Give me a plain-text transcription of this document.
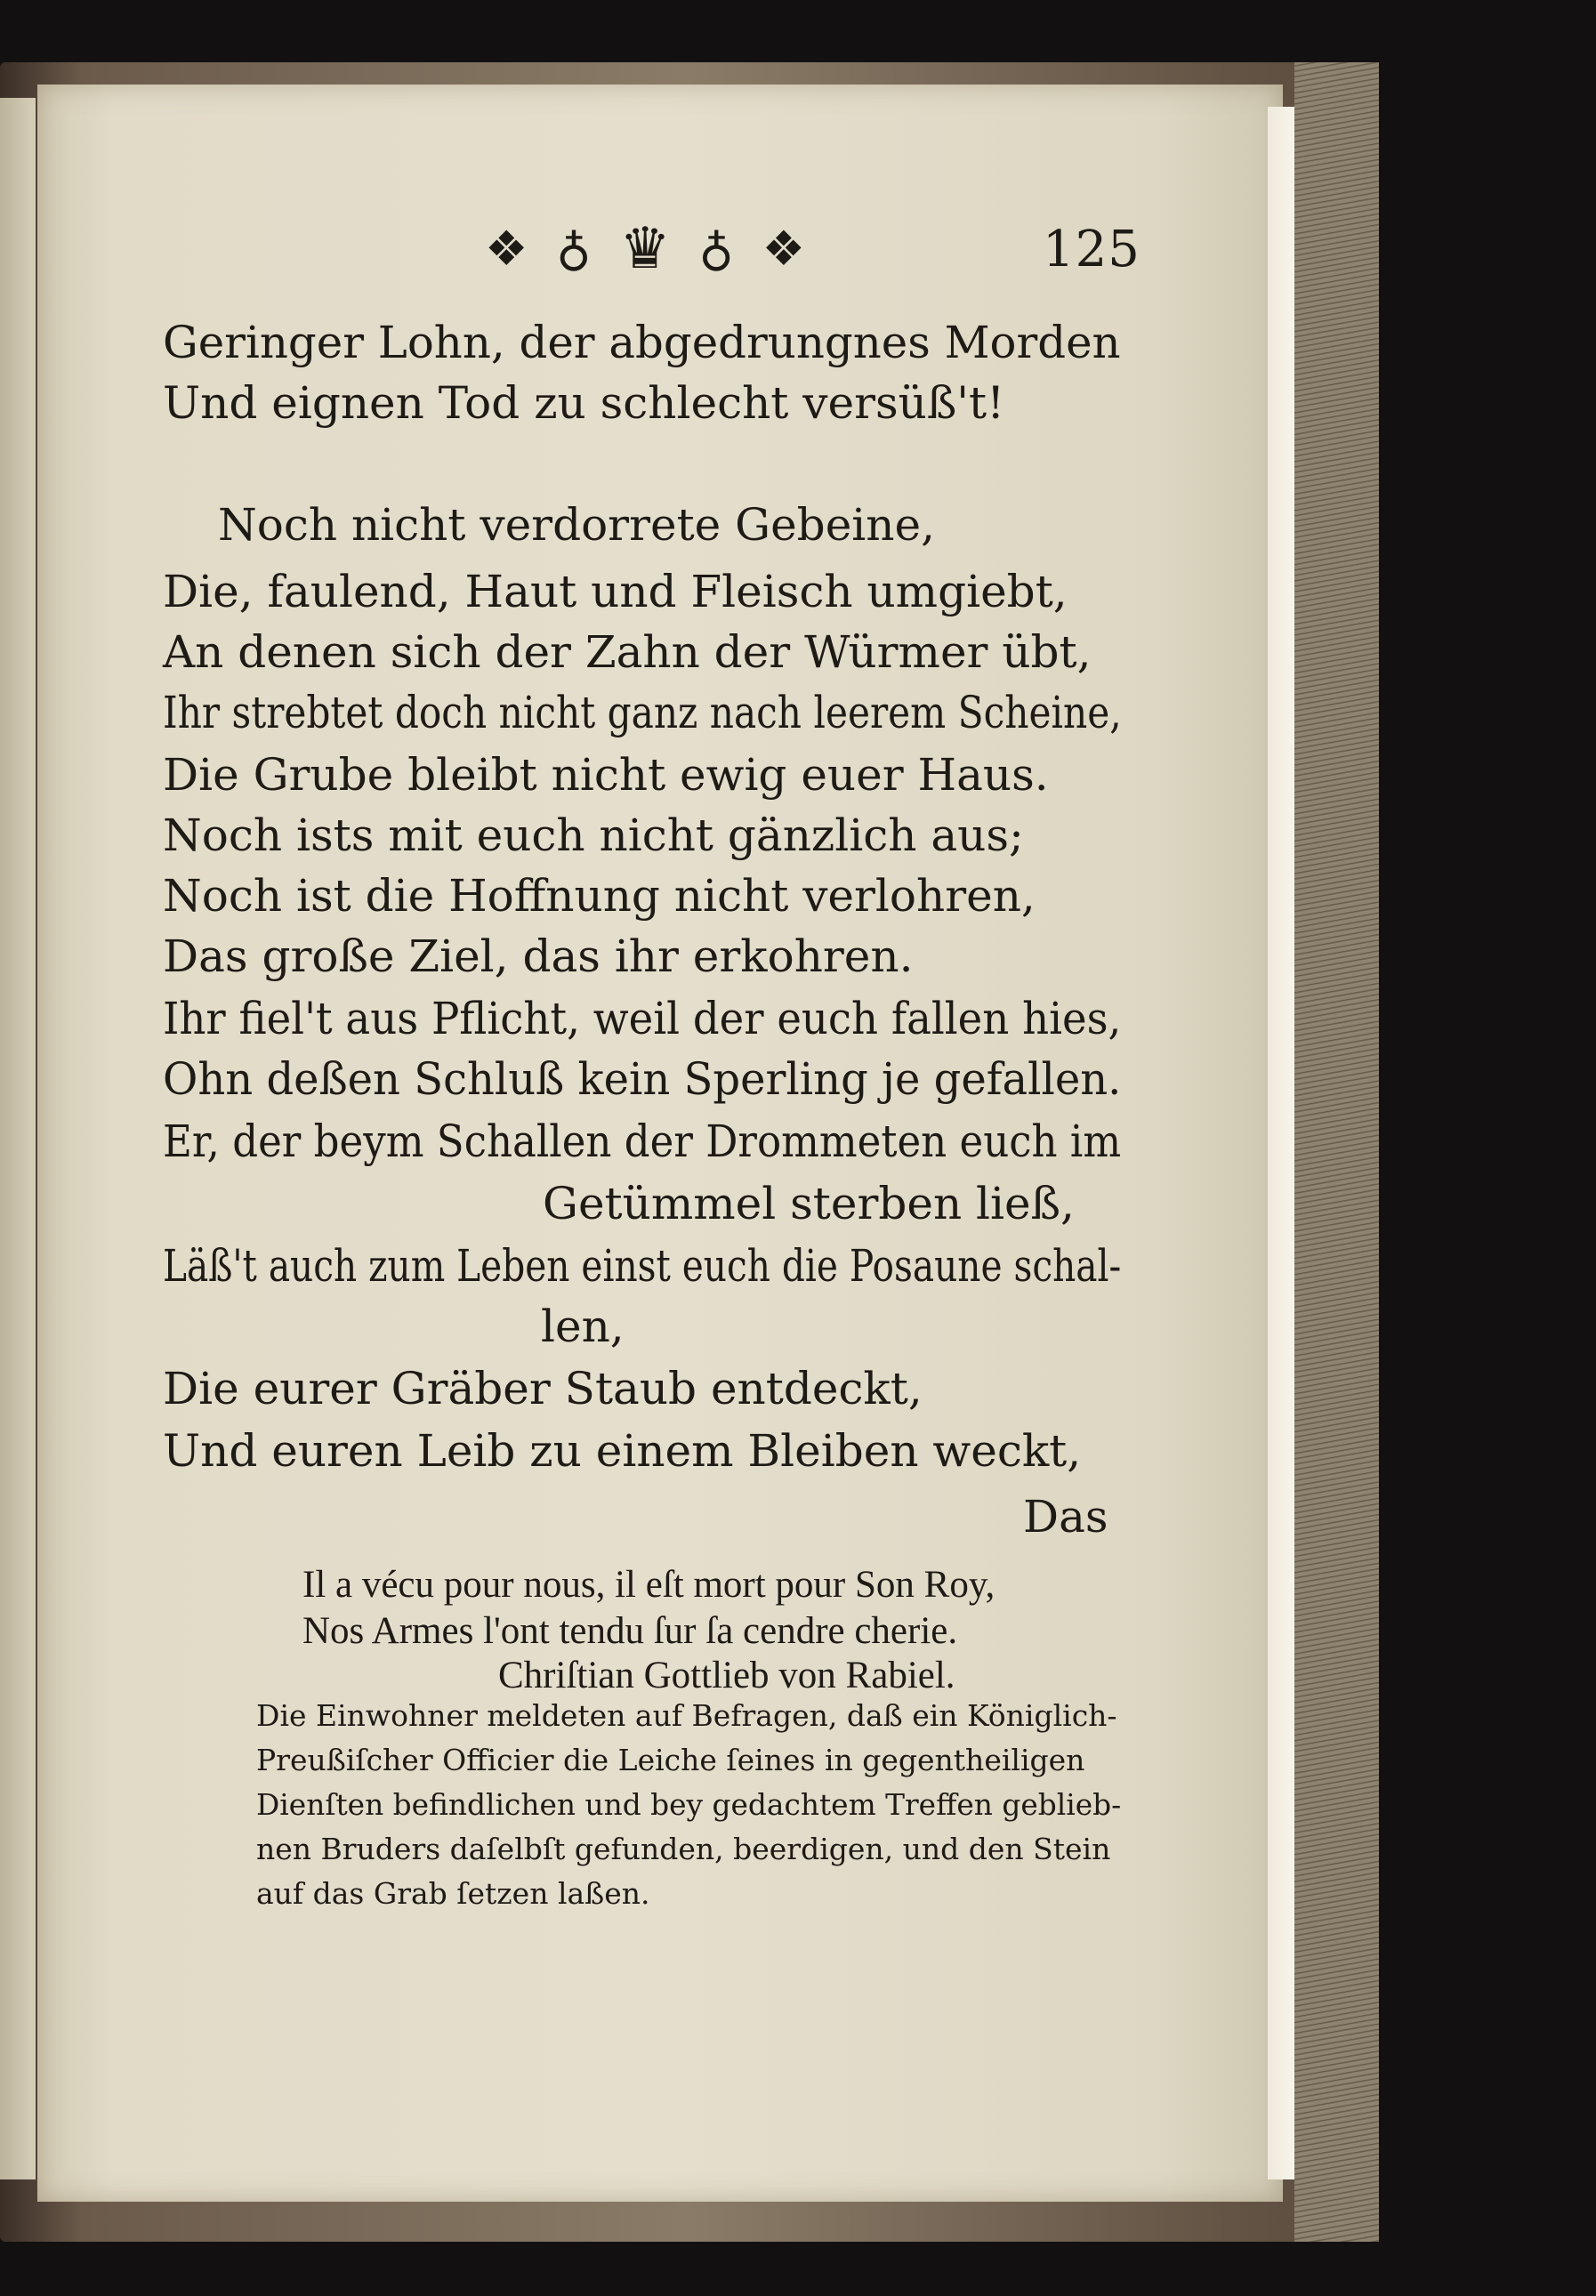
❖ ♁ ♛ ♁ ❖	125
Geringer Lohn, der abgedrungnes Morden
Und eignen Tod zu schlecht versüß't!
Noch nicht verdorrete Gebeine,
Die, faulend, Haut und Fleisch umgiebt,
An denen sich der Zahn der Würmer übt,
Ihr strebtet doch nicht ganz nach leerem Scheine,
Die Grube bleibt nicht ewig euer Haus.
Noch ists mit euch nicht gänzlich aus;
Noch ist die Hoffnung nicht verlohren,
Das große Ziel, das ihr erkohren.
Ihr fiel't aus Pflicht, weil der euch fallen hies,
Ohn deßen Schluß kein Sperling je gefallen.
Er, der beym Schallen der Drommeten euch im
Getümmel sterben ließ,
Läß't auch zum Leben einst euch die Posaune schal-
len,
Die eurer Gräber Staub entdeckt,
Und euren Leib zu einem Bleiben weckt,
Das
Il a vécu pour nous, il eſt mort pour Son Roy,
Nos Armes l'ont tendu ſur ſa cendre cherie.
Chriſtian Gottlieb von Rabiel.
Die Einwohner meldeten auf Befragen, daß ein Königlich-
Preußiſcher Officier die Leiche ſeines in gegentheiligen
Dienſten befindlichen und bey gedachtem Treffen geblieb-
nen Bruders daſelbſt gefunden, beerdigen, und den Stein
auf das Grab ſetzen laßen.
